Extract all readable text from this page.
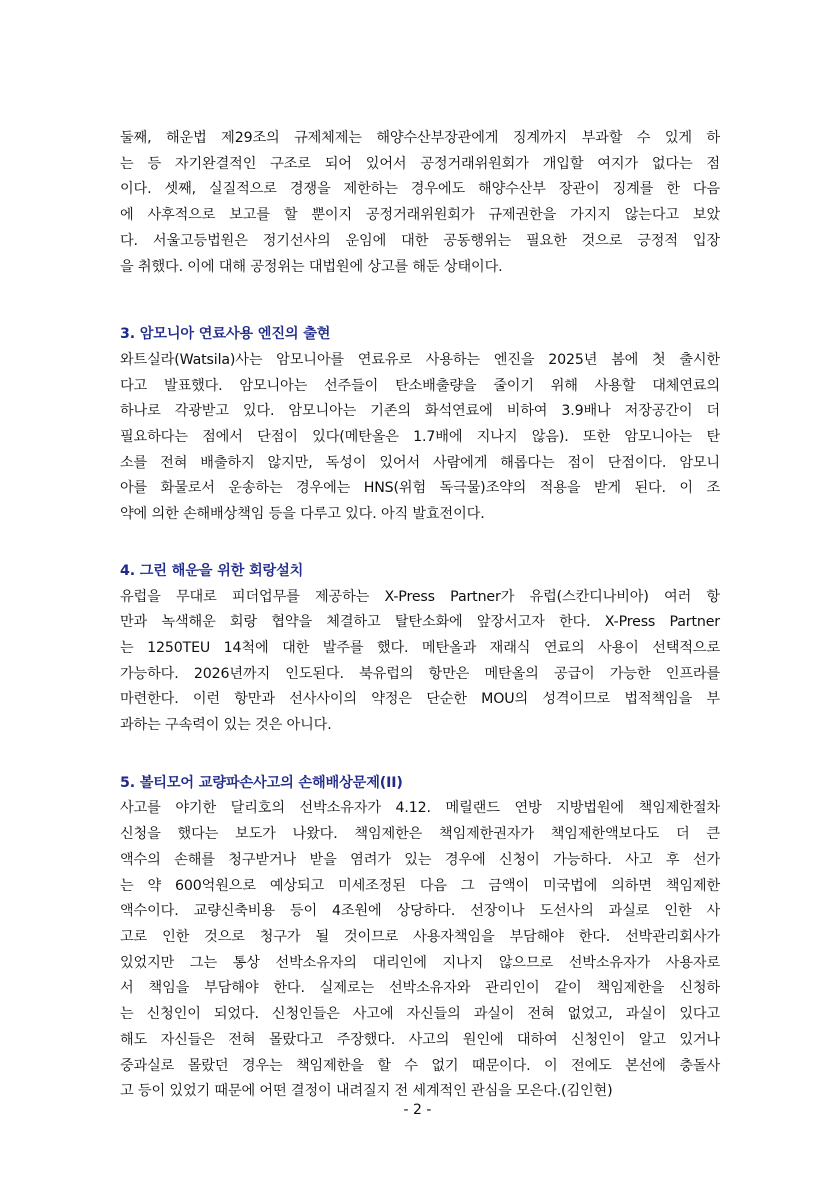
둘째, 해운법 제29조의 규제체제는 해양수산부장관에게 징계까지 부과할 수 있게 하
는 등 자기완결적인 구조로 되어 있어서 공정거래위원회가 개입할 여지가 없다는 점
이다. 셋째, 실질적으로 경쟁을 제한하는 경우에도 해양수산부 장관이 징계를 한 다음
에 사후적으로 보고를 할 뿐이지 공정거래위원회가 규제권한을 가지지 않는다고 보았
다. 서울고등법원은 정기선사의 운임에 대한 공동행위는 필요한 것으로 긍정적 입장
을 취했다. 이에 대해 공정위는 대법원에 상고를 해둔 상태이다.

3. 암모니아 연료사용 엔진의 출현

와트실라(Watsila)사는 암모니아를 연료유로 사용하는 엔진을 2025년 봄에 첫 출시한
다고 발표했다. 암모니아는 선주들이 탄소배출량을 줄이기 위해 사용할 대체연료의
하나로 각광받고 있다. 암모니아는 기존의 화석연료에 비하여 3.9배나 저장공간이 더
필요하다는 점에서 단점이 있다(메탄올은 1.7배에 지나지 않음). 또한 암모니아는 탄
소를 전혀 배출하지 않지만, 독성이 있어서 사람에게 해롭다는 점이 단점이다. 암모니
아를 화물로서 운송하는 경우에는 HNS(위험 독극물)조약의 적용을 받게 된다. 이 조
약에 의한 손해배상책임 등을 다루고 있다. 아직 발효전이다.

4. 그린 해운을 위한 회랑설치

유럽을 무대로 피더업무를 제공하는 X-Press Partner가 유럽(스칸디나비아) 여러 항
만과 녹색해운 회랑 협약을 체결하고 탈탄소화에 앞장서고자 한다. X-Press Partner
는 1250TEU 14척에 대한 발주를 했다. 메탄올과 재래식 연료의 사용이 선택적으로
가능하다. 2026년까지 인도된다. 북유럽의 항만은 메탄올의 공급이 가능한 인프라를
마련한다. 이런 항만과 선사사이의 약정은 단순한 MOU의 성격이므로 법적책임을 부
과하는 구속력이 있는 것은 아니다.

5. 볼티모어 교량파손사고의 손해배상문제(II)

사고를 야기한 달리호의 선박소유자가 4.12. 메릴랜드 연방 지방법원에 책임제한절차
신청을 했다는 보도가 나왔다. 책임제한은 책임제한권자가 책임제한액보다도 더 큰
액수의 손해를 청구받거나 받을 염려가 있는 경우에 신청이 가능하다. 사고 후 선가
는 약 600억원으로 예상되고 미세조정된 다음 그 금액이 미국법에 의하면 책임제한
액수이다. 교량신축비용 등이 4조원에 상당하다. 선장이나 도선사의 과실로 인한 사
고로 인한 것으로 청구가 될 것이므로 사용자책임을 부담해야 한다. 선박관리회사가
있었지만 그는 통상 선박소유자의 대리인에 지나지 않으므로 선박소유자가 사용자로
서 책임을 부담해야 한다. 실제로는 선박소유자와 관리인이 같이 책임제한을 신청하
는 신청인이 되었다. 신청인들은 사고에 자신들의 과실이 전혀 없었고, 과실이 있다고
해도 자신들은 전혀 몰랐다고 주장했다. 사고의 원인에 대하여 신청인이 알고 있거나
중과실로 몰랐던 경우는 책임제한을 할 수 없기 때문이다. 이 전에도 본선에 충돌사
고 등이 있었기 때문에 어떤 결정이 내려질지 전 세계적인 관심을 모은다.(김인현)

- 2 -
